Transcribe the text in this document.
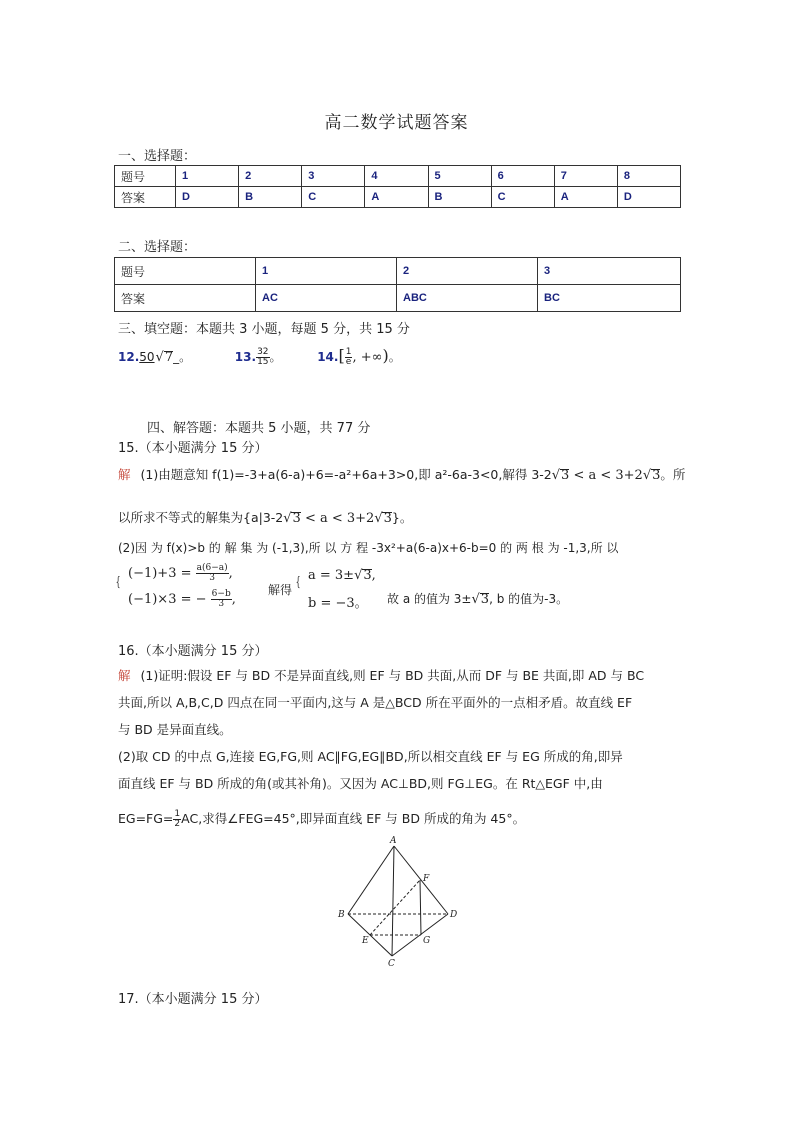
高二数学试题答案
一、选择题：
题号	1	2	3	4	5	6	7	8
答案	D	B	C	A	B	C	A	D
二、选择题：
题号	1	2	3
答案	AC	ABC	BC
三、填空题：本题共 3 小题，每题 5 分，共 15 分
12.50 √ 7_。	13. $\frac{32}{15}$ 。	$14.[ \frac{1}{e}$ , +∞)。
四、解答题：本题共 5 小题，共 77 分
15.（本小题满分 15 分）
解 (1)由题意知 f(1)=-3+a(6-a)+6=-a²+6a+3>0,即 a²-6a-3<0,解得 3-2 √ 3 < a < 3+2 √ 3。所
以所求不等式的解集为{a|3-2 √ 3 < a < 3+2 √ 3}。
(2)因 为 f(x)>b 的 解 集 为 (-1,3),所 以 方 程 -3x²+a(6-a)x+6-b=0 的 两 根 为 -1,3,所 以
{
$(-1)+3 = \frac{a(6-a)}{3}$ ,
(−1)×3 = − $\frac{6-b}{3}$ ,
解得 { a = 3± √ 3,
b = −3。 故 a 的值为 3± √ 3, b 的值为-3。
16.（本小题满分 15 分）
解 (1)证明:假设 EF 与 BD 不是异面直线,则 EF 与 BD 共面,从而 DF 与 BE 共面,即 AD 与 BC
共面,所以 A,B,C,D 四点在同一平面内,这与 A 是△BCD 所在平面外的一点相矛盾。故直线 EF
与 BD 是异面直线。
(2)取 CD 的中点 G,连接 EG,FG,则 AC∥FG,EG∥BD,所以相交直线 EF 与 EG 所成的角,即异
面直线 EF 与 BD 所成的角(或其补角)。又因为 AC⊥BD,则 FG⊥EG。在 Rt△EGF 中,由
$EG=FG= \frac{1}{2}$ AC,求得∠FEG=45°,即异面直线 EF 与 BD 所成的角为 45°。
A
B
C
D
E
F
G
17.（本小题满分 15 分）
